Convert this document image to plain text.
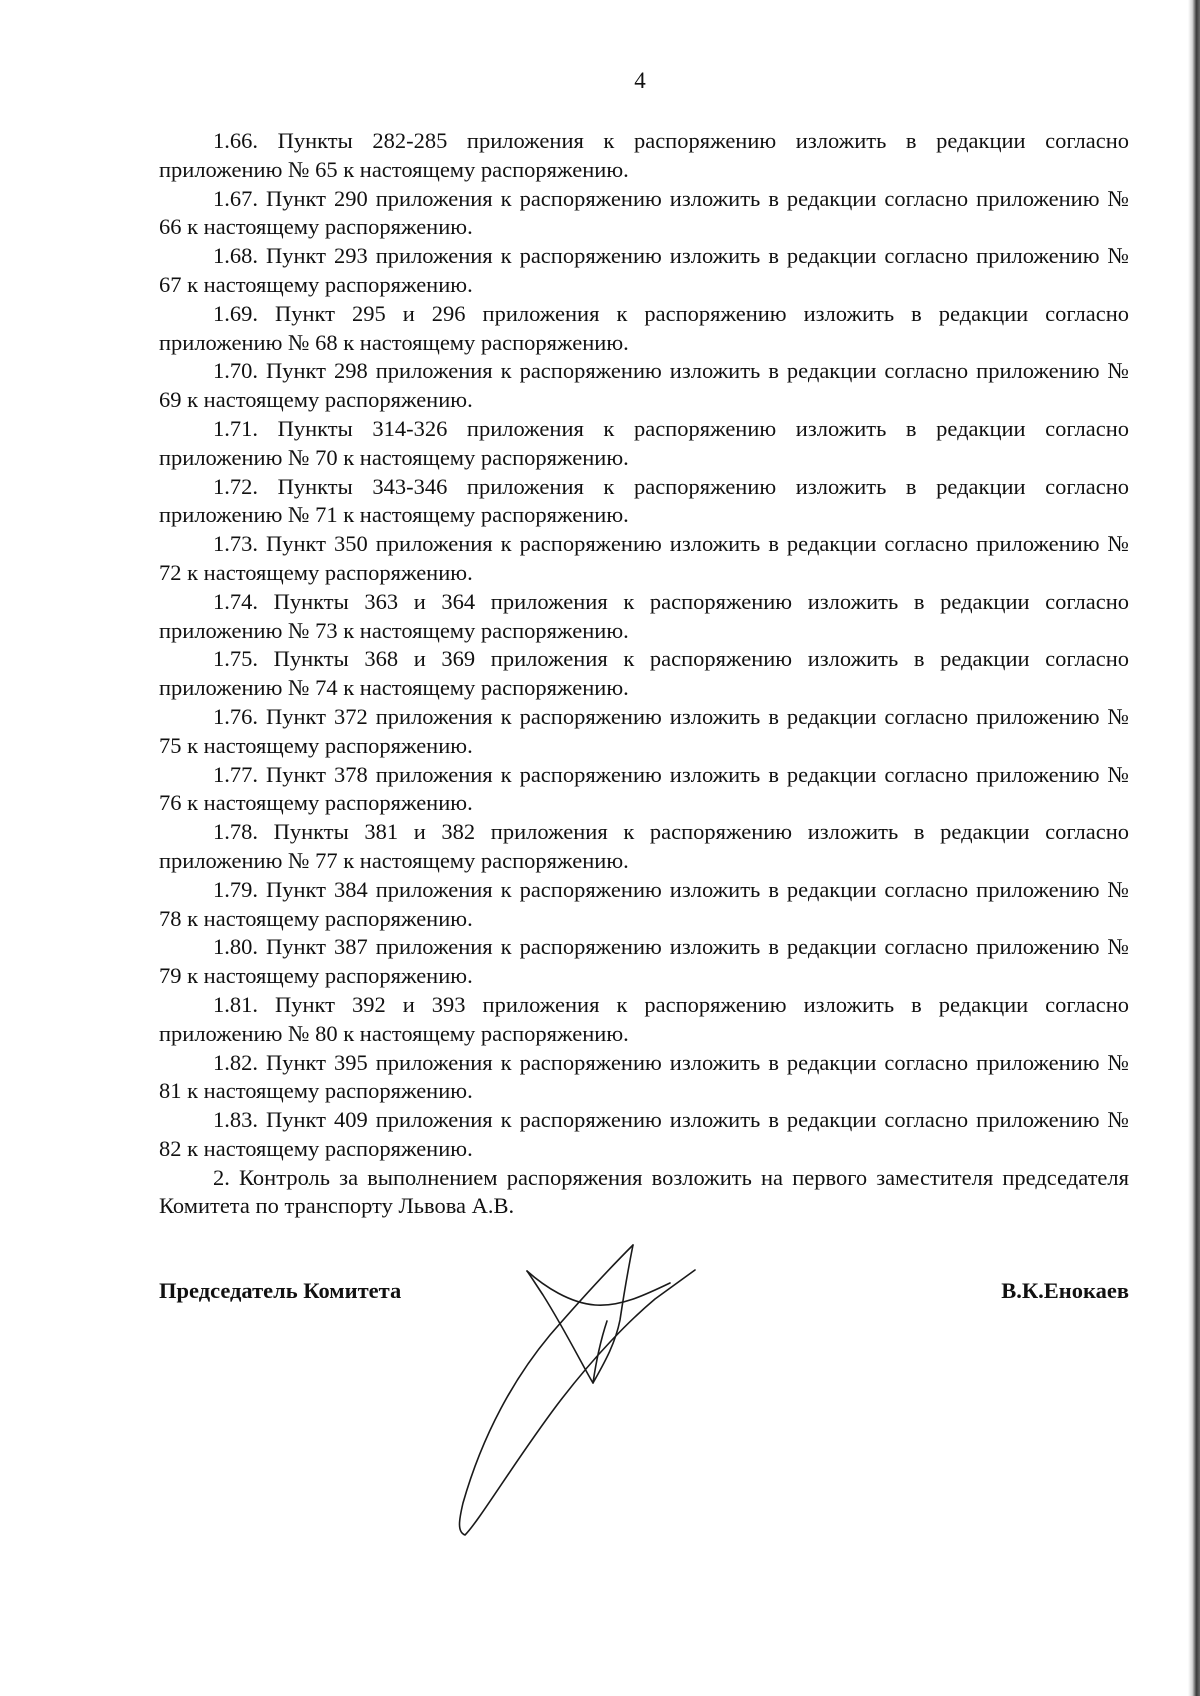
4

1.66. Пункты 282-285 приложения к распоряжению изложить в редакции согласно приложению № 65 к настоящему распоряжению.

1.67. Пункт 290 приложения к распоряжению изложить в редакции согласно приложению № 66 к настоящему распоряжению.

1.68. Пункт 293 приложения к распоряжению изложить в редакции согласно приложению № 67 к настоящему распоряжению.

1.69. Пункт 295 и 296 приложения к распоряжению изложить в редакции согласно приложению № 68 к настоящему распоряжению.

1.70. Пункт 298 приложения к распоряжению изложить в редакции согласно приложению № 69 к настоящему распоряжению.

1.71. Пункты 314-326 приложения к распоряжению изложить в редакции согласно приложению № 70 к настоящему распоряжению.

1.72. Пункты 343-346 приложения к распоряжению изложить в редакции согласно приложению № 71 к настоящему распоряжению.

1.73. Пункт 350 приложения к распоряжению изложить в редакции согласно приложению № 72 к настоящему распоряжению.

1.74. Пункты 363 и 364 приложения к распоряжению изложить в редакции согласно приложению № 73 к настоящему распоряжению.

1.75. Пункты 368 и 369 приложения к распоряжению изложить в редакции согласно приложению № 74 к настоящему распоряжению.

1.76. Пункт 372 приложения к распоряжению изложить в редакции согласно приложению № 75 к настоящему распоряжению.

1.77. Пункт 378 приложения к распоряжению изложить в редакции согласно приложению № 76 к настоящему распоряжению.

1.78. Пункты 381 и 382 приложения к распоряжению изложить в редакции согласно приложению № 77 к настоящему распоряжению.

1.79. Пункт 384 приложения к распоряжению изложить в редакции согласно приложению № 78 к настоящему распоряжению.

1.80. Пункт 387 приложения к распоряжению изложить в редакции согласно приложению № 79 к настоящему распоряжению.

1.81. Пункт 392 и 393 приложения к распоряжению изложить в редакции согласно приложению № 80 к настоящему распоряжению.

1.82. Пункт 395 приложения к распоряжению изложить в редакции согласно приложению № 81 к настоящему распоряжению.

1.83. Пункт 409 приложения к распоряжению изложить в редакции согласно приложению № 82 к настоящему распоряжению.

2. Контроль за выполнением распоряжения возложить на первого заместителя председателя Комитета по транспорту Львова А.В.

Председатель Комитета	В.К.Енокаев
